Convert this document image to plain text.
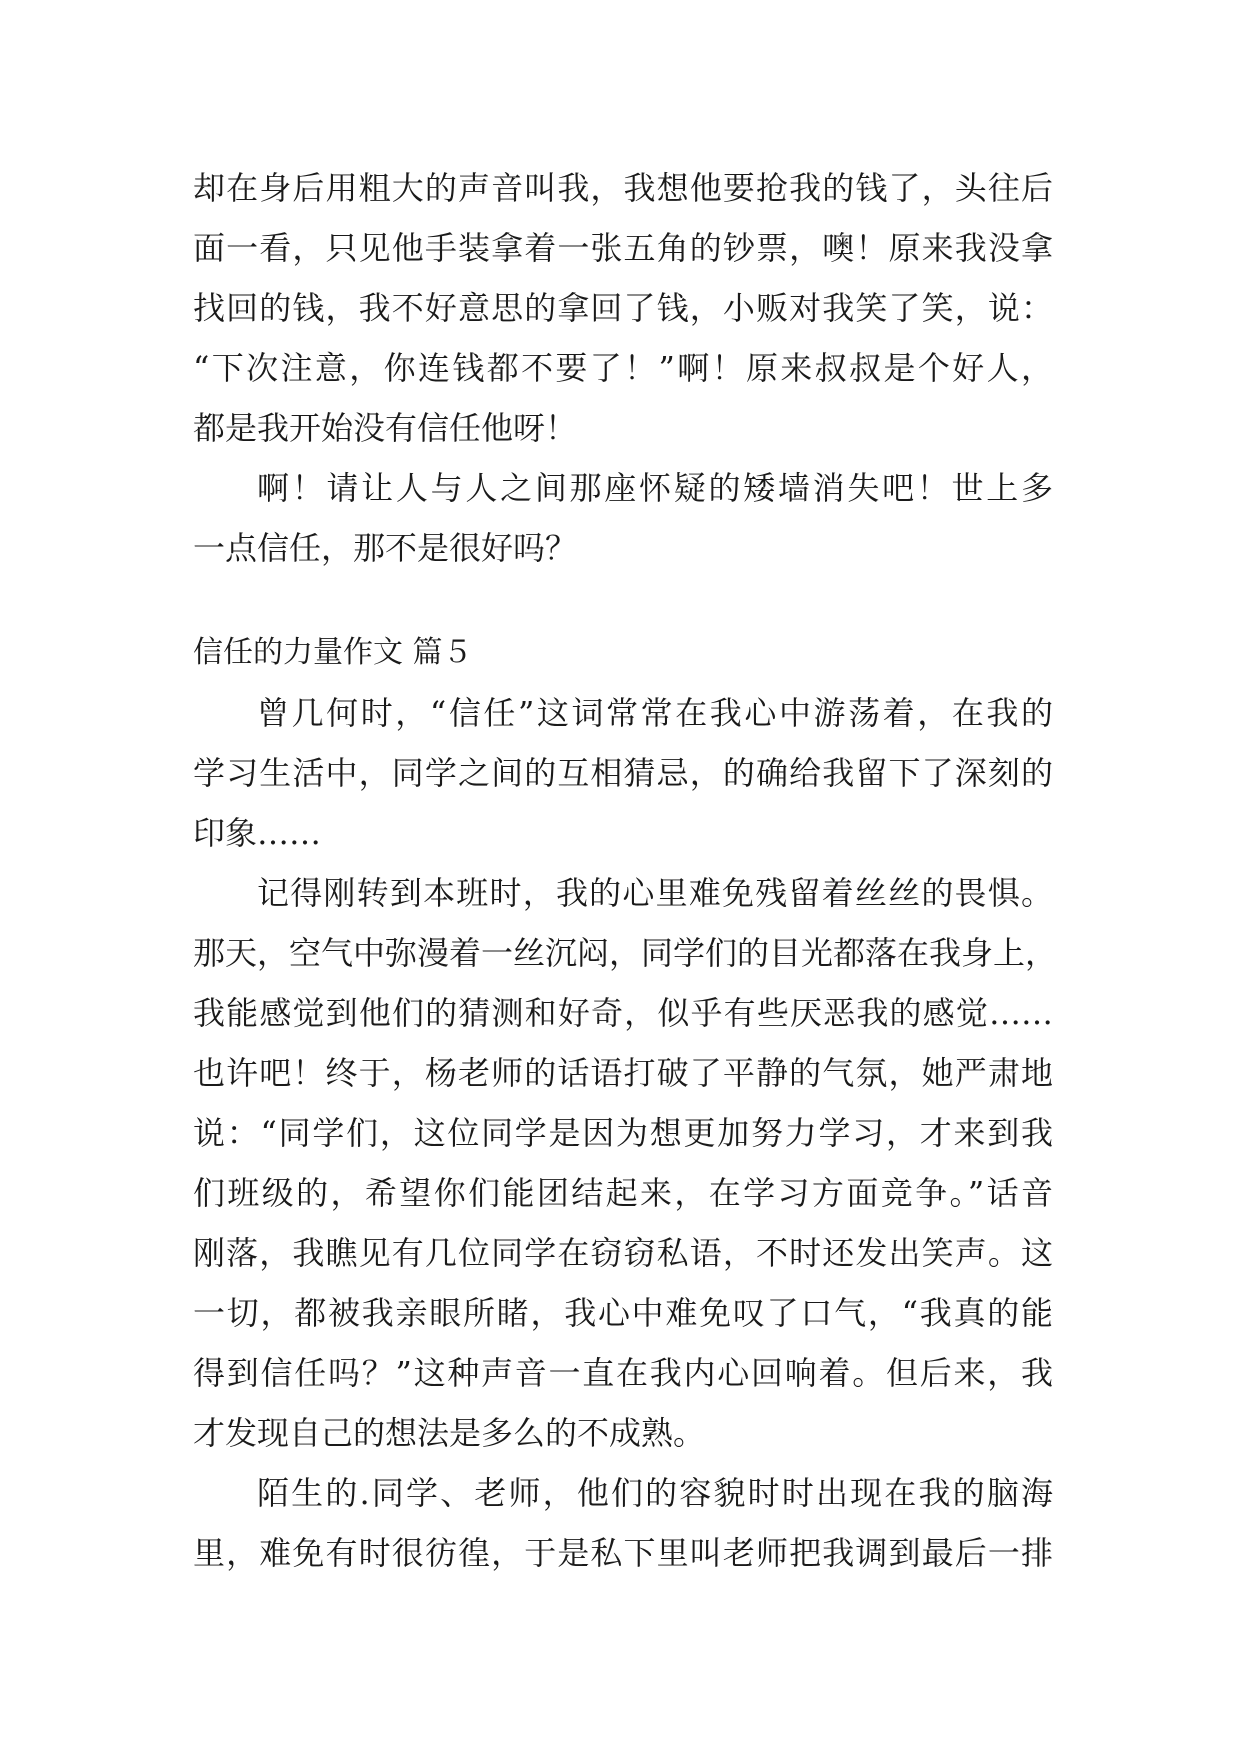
却在身后用粗大的声音叫我，我想他要抢我的钱了，头往后
面一看，只见他手装拿着一张五角的钞票，噢！原来我没拿
找回的钱，我不好意思的拿回了钱，小贩对我笑了笑，说：
“下次注意，你连钱都不要了！”啊！原来叔叔是个好人，
都是我开始没有信任他呀！
啊！请让人与人之间那座怀疑的矮墙消失吧！世上多
一点信任，那不是很好吗？
信任的力量作文 篇５
曾几何时，“信任”这词常常在我心中游荡着，在我的
学习生活中，同学之间的互相猜忌，的确给我留下了深刻的
印象……
记得刚转到本班时，我的心里难免残留着丝丝的畏惧。
那天，空气中弥漫着一丝沉闷，同学们的目光都落在我身上，
我能感觉到他们的猜测和好奇，似乎有些厌恶我的感觉……
也许吧！终于，杨老师的话语打破了平静的气氛，她严肃地
说：“同学们，这位同学是因为想更加努力学习，才来到我
们班级的，希望你们能团结起来，在学习方面竞争。”话音
刚落，我瞧见有几位同学在窃窃私语，不时还发出笑声。这
一切，都被我亲眼所睹，我心中难免叹了口气，“我真的能
得到信任吗？”这种声音一直在我内心回响着。但后来，我
才发现自己的想法是多么的不成熟。
陌生的.同学、老师，他们的容貌时时出现在我的脑海
里，难免有时很彷徨，于是私下里叫老师把我调到最后一排
